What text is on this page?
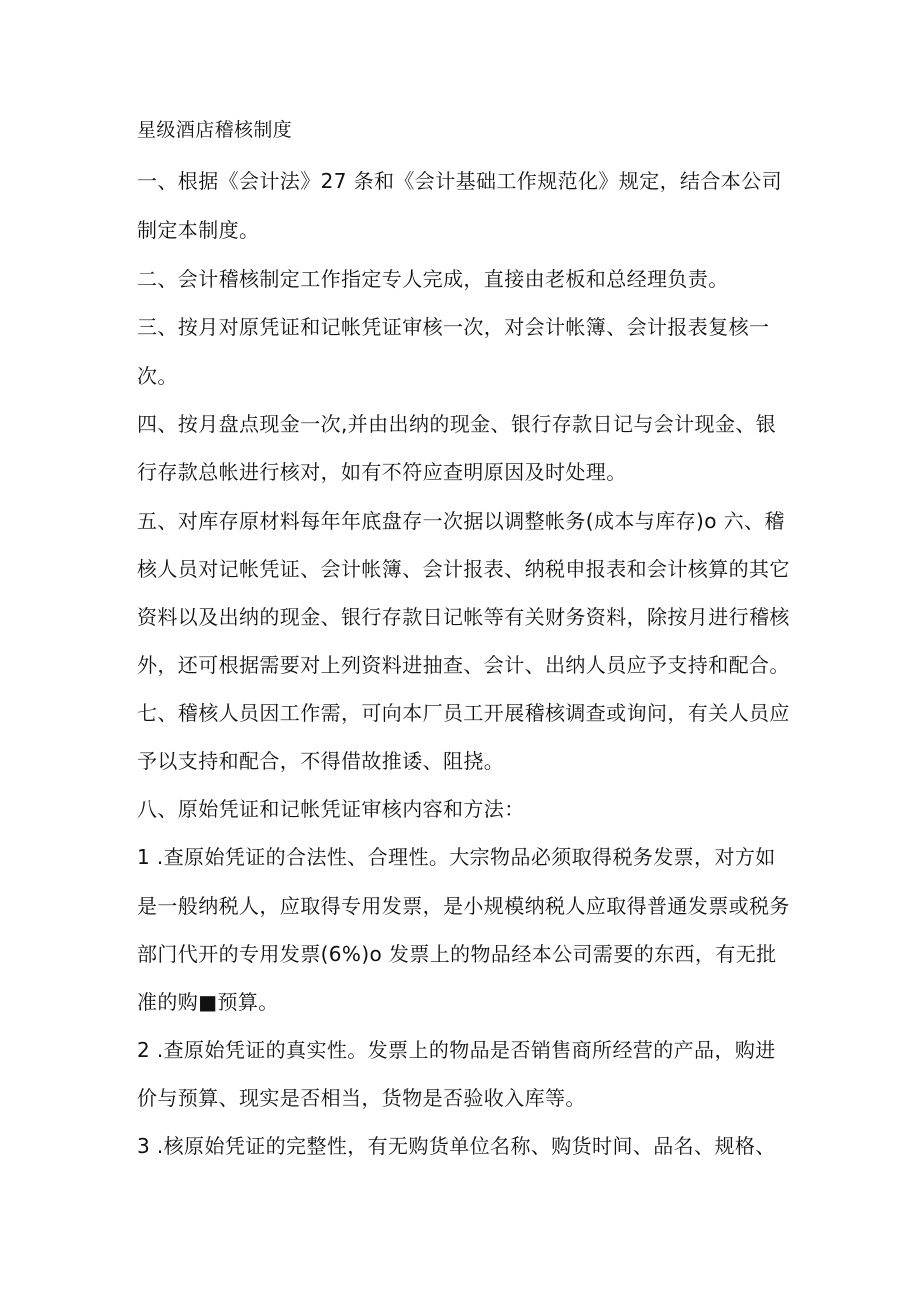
星级酒店稽核制度

一、根据《会计法》27 条和《会计基础工作规范化》规定，结合本公司

制定本制度。

二、会计稽核制定工作指定专人完成，直接由老板和总经理负责。

三、按月对原凭证和记帐凭证审核一次，对会计帐簿、会计报表复核一

次。

四、按月盘点现金一次,并由出纳的现金、银行存款日记与会计现金、银

行存款总帐进行核对，如有不符应查明原因及时处理。

五、对库存原材料每年年底盘存一次据以调整帐务(成本与库存)o 六、稽

核人员对记帐凭证、会计帐簿、会计报表、纳税申报表和会计核算的其它

资料以及出纳的现金、银行存款日记帐等有关财务资料，除按月进行稽核

外，还可根据需要对上列资料进抽查、会计、出纳人员应予支持和配合。

七、稽核人员因工作需，可向本厂员工开展稽核调查或询问，有关人员应

予以支持和配合，不得借故推诿、阻挠。

八、原始凭证和记帐凭证审核内容和方法：

1 .查原始凭证的合法性、合理性。大宗物品必须取得税务发票，对方如

是一般纳税人，应取得专用发票，是小规模纳税人应取得普通发票或税务

部门代开的专用发票(6%)o 发票上的物品经本公司需要的东西，有无批

准的购■预算。

2 .查原始凭证的真实性。发票上的物品是否销售商所经营的产品，购进

价与预算、现实是否相当，货物是否验收入库等。

3 .核原始凭证的完整性，有无购货单位名称、购货时间、品名、规格、
